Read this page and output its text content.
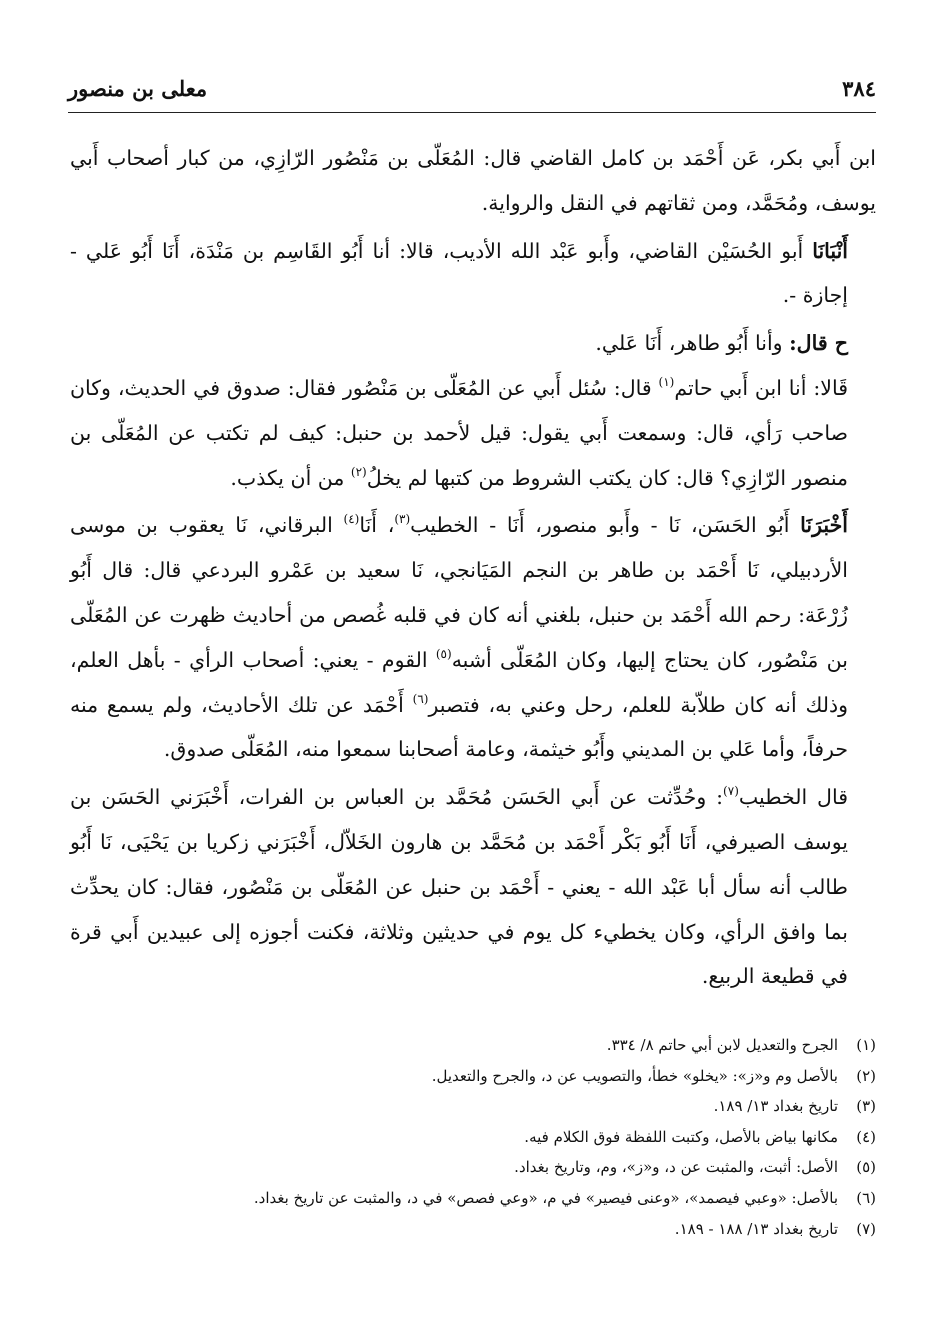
٣٨٤
معلى بن منصور

ابن أَبي بكر، عَن أَحْمَد بن كامل القاضي قال: المُعَلّى بن مَنْصُور الرّازِي، من كبار أصحاب أَبي يوسف، ومُحَمَّد، ومن ثقاتهم في النقل والرواية.

أَنْبَانَا أَبو الحُسَيْن القاضي، وأَبو عَبْد الله الأديب، قالا: أنا أَبُو القَاسِم بن مَنْدَة، أَنَا أَبُو عَلي - إجازة -.

ح قال: وأنا أَبُو طاهر، أَنَا عَلي.

قَالا: أنا ابن أَبي حاتم$^{(١)}$ قال: سُئل أَبي عن المُعَلّى بن مَنْصُور فقال: صدوق في الحديث، وكان صاحب رَأي، قال: وسمعت أَبي يقول: قيل لأحمد بن حنبل: كيف لم تكتب عن المُعَلّى بن منصور الرّازِي؟ قال: كان يكتب الشروط من كتبها لم يخلُ$^{(٢)}$ من أن يكذب.

أَخْبَرَنَا أَبُو الحَسَن، نَا - وأَبو منصور، أَنَا - الخطيب$^{(٣)}$، أَنَا$^{(٤)}$ البرقاني، نَا يعقوب بن موسى الأردبيلي، نَا أَحْمَد بن طاهر بن النجم المَيَانجي، نَا سعيد بن عَمْرو البردعي قال: قال أَبُو زُرْعَة: رحم الله أَحْمَد بن حنبل، بلغني أنه كان في قلبه غُصص من أحاديث ظهرت عن المُعَلّى بن مَنْصُور، كان يحتاج إليها، وكان المُعَلّى أشبه$^{(٥)}$ القوم - يعني: أصحاب الرأي - بأهل العلم، وذلك أنه كان طلاّبة للعلم، رحل وعني به، فتصبر$^{(٦)}$ أَحْمَد عن تلك الأحاديث، ولم يسمع منه حرفاً، وأما عَلي بن المديني وأَبُو خيثمة، وعامة أصحابنا سمعوا منه، المُعَلّى صدوق.

قال الخطيب$^{(٧)}$: وحُدِّثت عن أَبي الحَسَن مُحَمَّد بن العباس بن الفرات، أَخْبَرَني الحَسَن بن يوسف الصيرفي، أَنَا أَبُو بَكْر أَحْمَد بن مُحَمَّد بن هارون الخَلاّل، أَخْبَرَني زكريا بن يَحْيَى، نَا أَبُو طالب أنه سأل أبا عَبْد الله - يعني - أَحْمَد بن حنبل عن المُعَلّى بن مَنْصُور، فقال: كان يحدِّث بما وافق الرأي، وكان يخطيء كل يوم في حديثين وثلاثة، فكنت أجوزه إلى عبيدين أَبي قرة في قطيعة الربيع.

(١)
الجرح والتعديل لابن أبي حاتم ٨/ ٣٣٤.
(٢)
بالأصل وم و«ز»: «يخلو» خطأ، والتصويب عن د، والجرح والتعديل.
(٣)
تاريخ بغداد ١٣/ ١٨٩.
(٤)
مكانها بياض بالأصل، وكتبت اللفظة فوق الكلام فيه.
(٥)
الأصل: أثبت، والمثبت عن د، و«ز»، وم، وتاريخ بغداد.
(٦)
بالأصل: «وعبي فيصمد»، «وعنى فيصير» في م، «وعي فصص» في د، والمثبت عن تاريخ بغداد.
(٧)
تاريخ بغداد ١٣/ ١٨٨ - ١٨٩.
